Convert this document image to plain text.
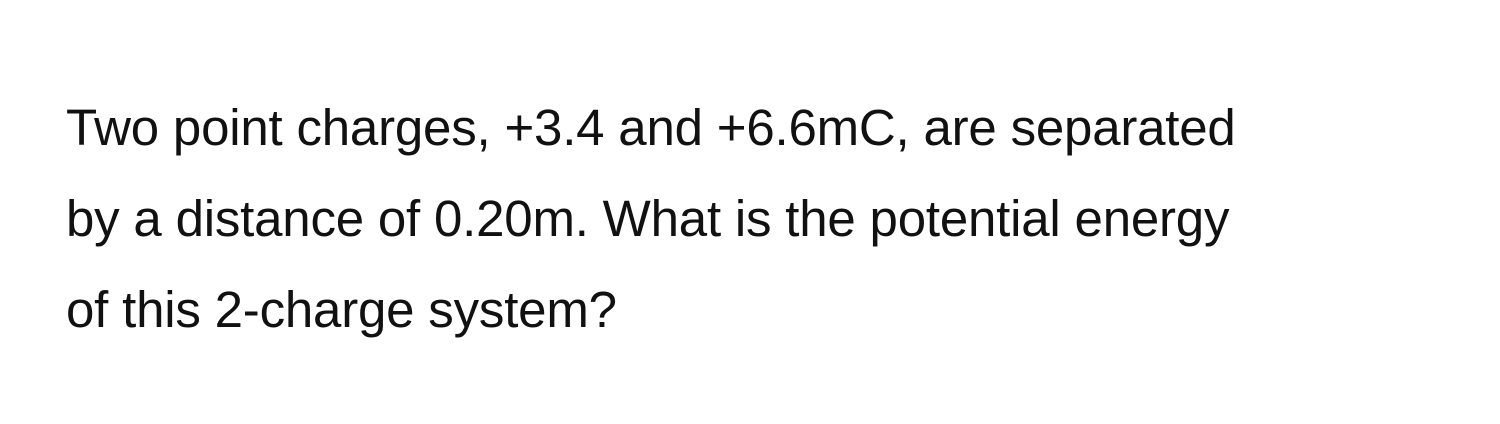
Two point charges, +3.4 and +6.6mC, are separated
by a distance of 0.20m. What is the potential energy
of this 2-charge system?
